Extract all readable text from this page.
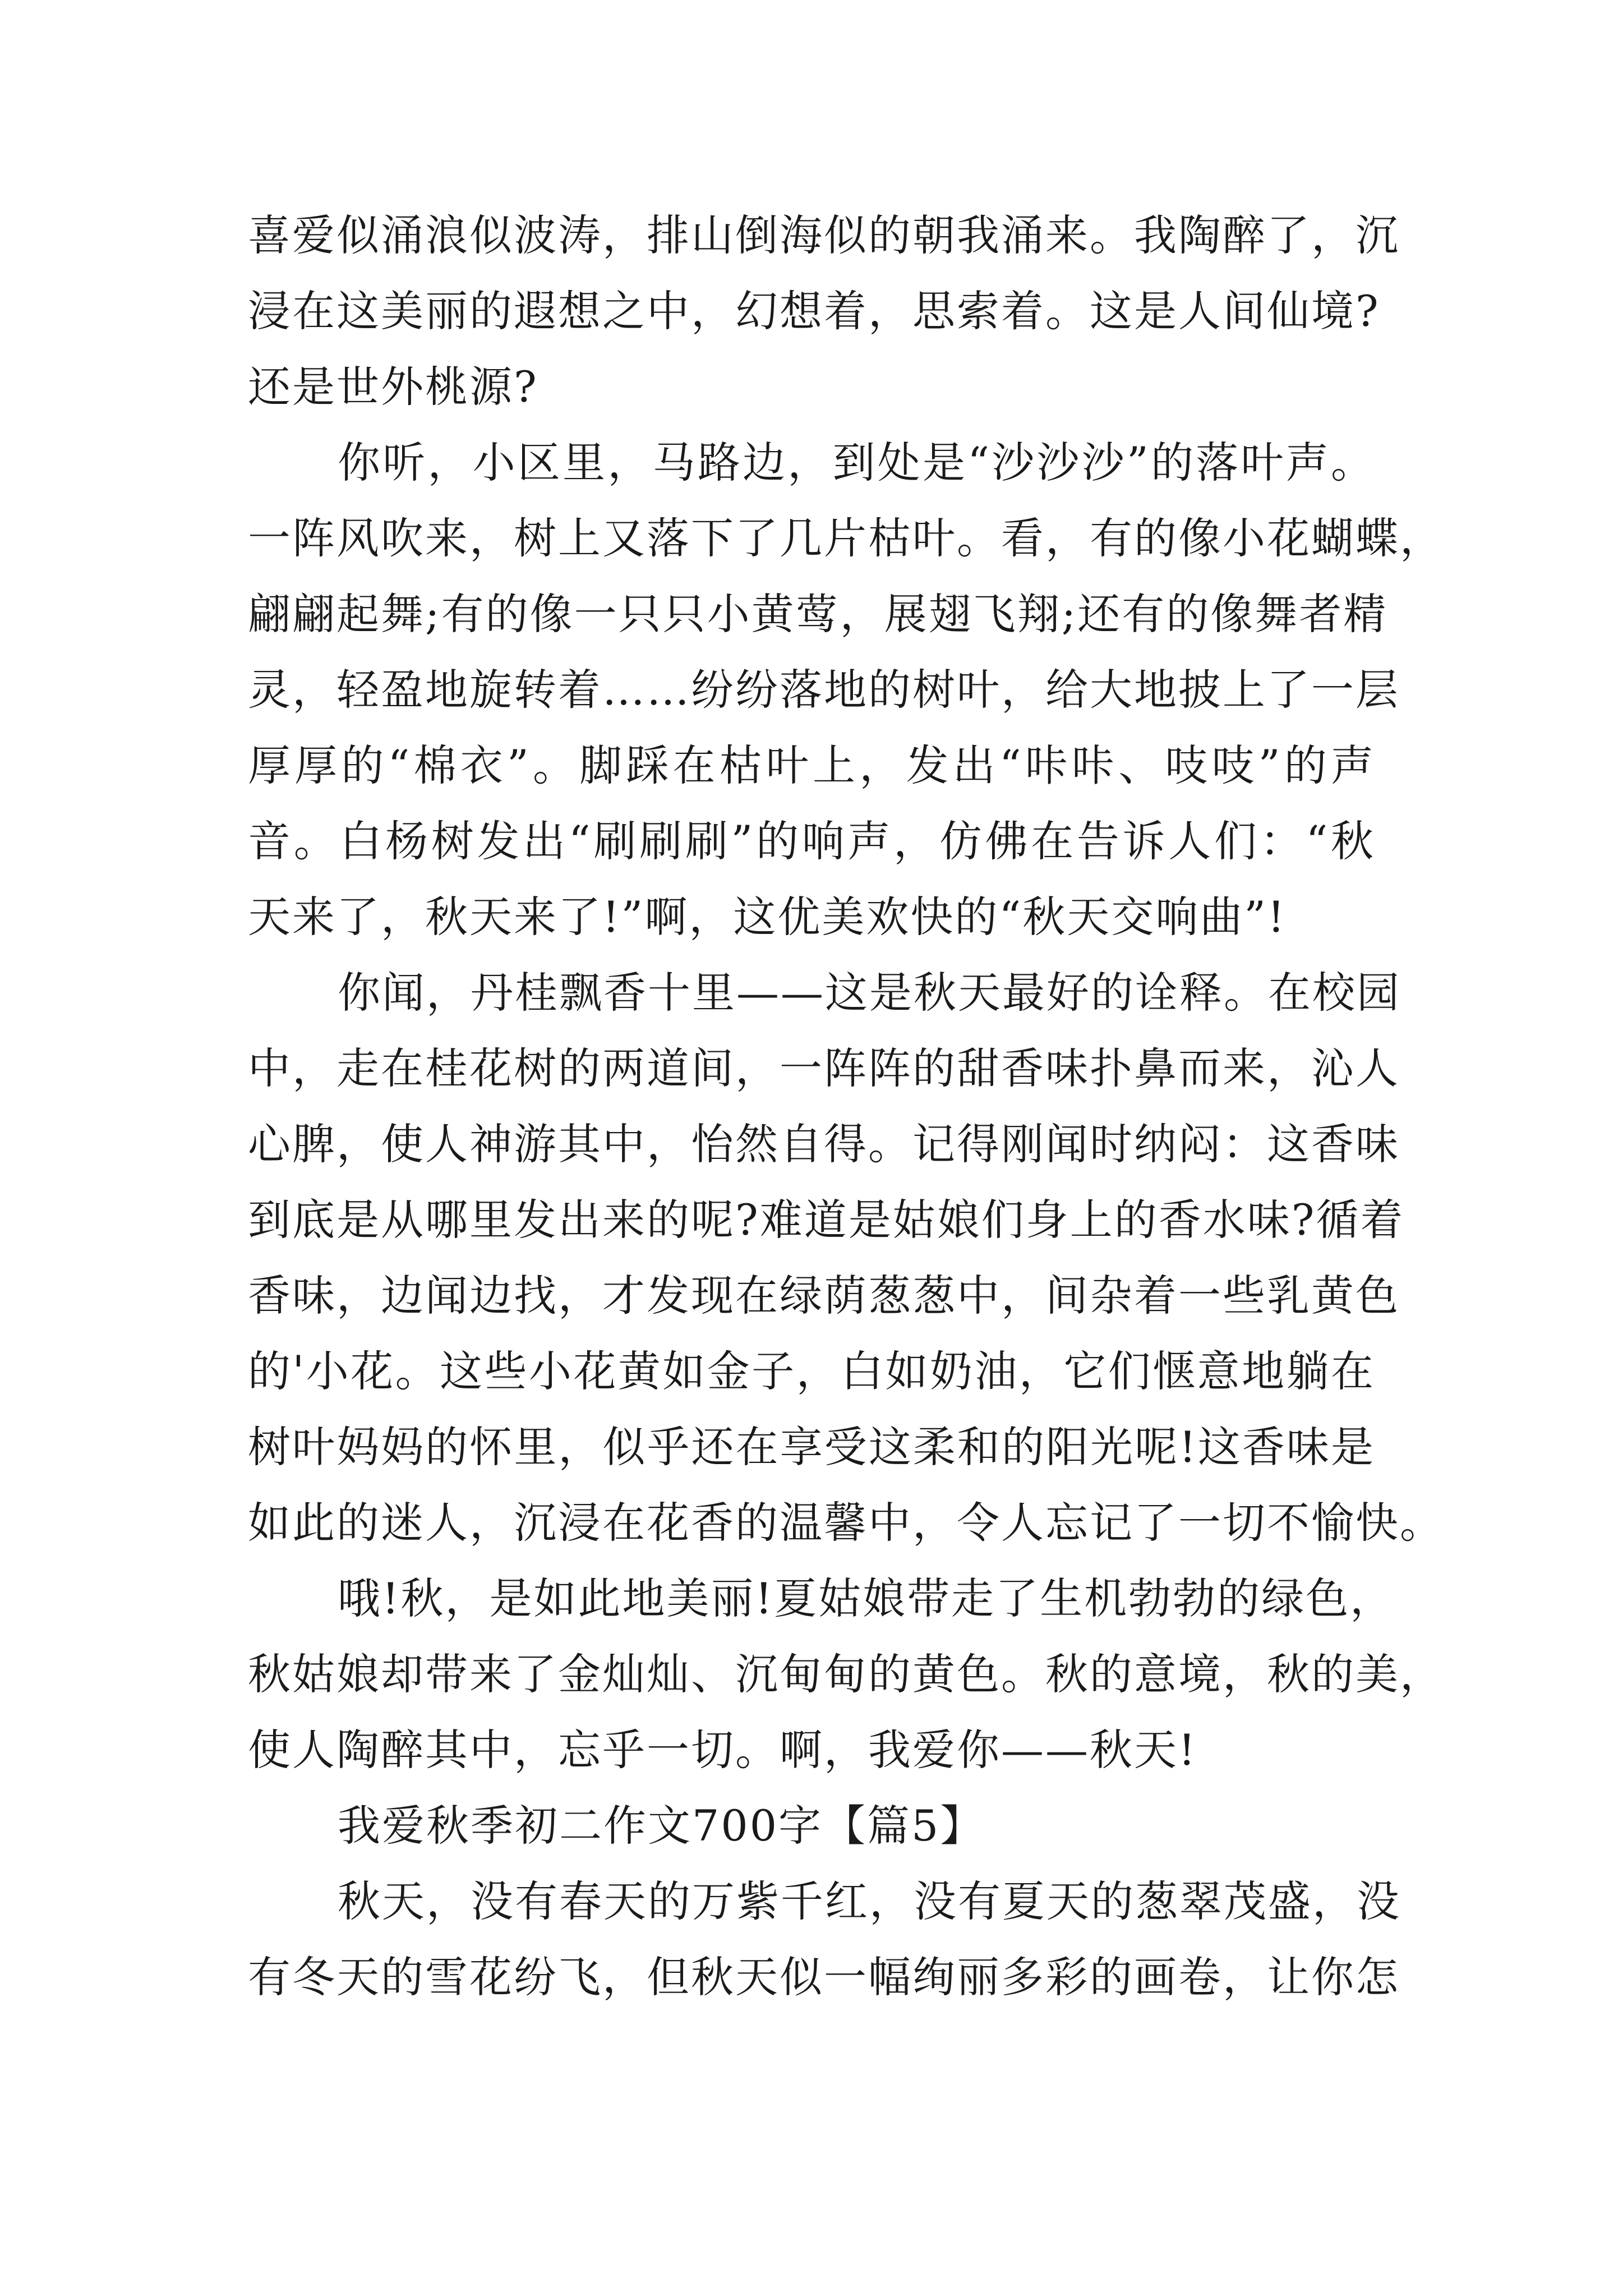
喜爱似涌浪似波涛，排山倒海似的朝我涌来。我陶醉了，沉
浸在这美丽的遐想之中，幻想着，思索着。这是人间仙境?
还是世外桃源?
你听，小区里，马路边，到处是“沙沙沙”的落叶声。
一阵风吹来，树上又落下了几片枯叶。看，有的像小花蝴蝶，
翩翩起舞;有的像一只只小黄莺，展翅飞翔;还有的像舞者精
灵，轻盈地旋转着……纷纷落地的树叶，给大地披上了一层
厚厚的“棉衣”。脚踩在枯叶上，发出“咔咔、吱吱”的声
音。白杨树发出“刷刷刷”的响声，仿佛在告诉人们：“秋
天来了，秋天来了!”啊，这优美欢快的“秋天交响曲”!
你闻，丹桂飘香十里——这是秋天最好的诠释。在校园
中，走在桂花树的两道间，一阵阵的甜香味扑鼻而来，沁人
心脾，使人神游其中，怡然自得。记得刚闻时纳闷：这香味
到底是从哪里发出来的呢?难道是姑娘们身上的香水味?循着
香味，边闻边找，才发现在绿荫葱葱中，间杂着一些乳黄色
的'小花。这些小花黄如金子，白如奶油，它们惬意地躺在
树叶妈妈的怀里，似乎还在享受这柔和的阳光呢!这香味是
如此的迷人，沉浸在花香的温馨中，令人忘记了一切不愉快。
哦!秋，是如此地美丽!夏姑娘带走了生机勃勃的绿色，
秋姑娘却带来了金灿灿、沉甸甸的黄色。秋的意境，秋的美，
使人陶醉其中，忘乎一切。啊，我爱你——秋天!
我爱秋季初二作文700字【篇5】
秋天，没有春天的万紫千红，没有夏天的葱翠茂盛，没
有冬天的雪花纷飞，但秋天似一幅绚丽多彩的画卷，让你怎
